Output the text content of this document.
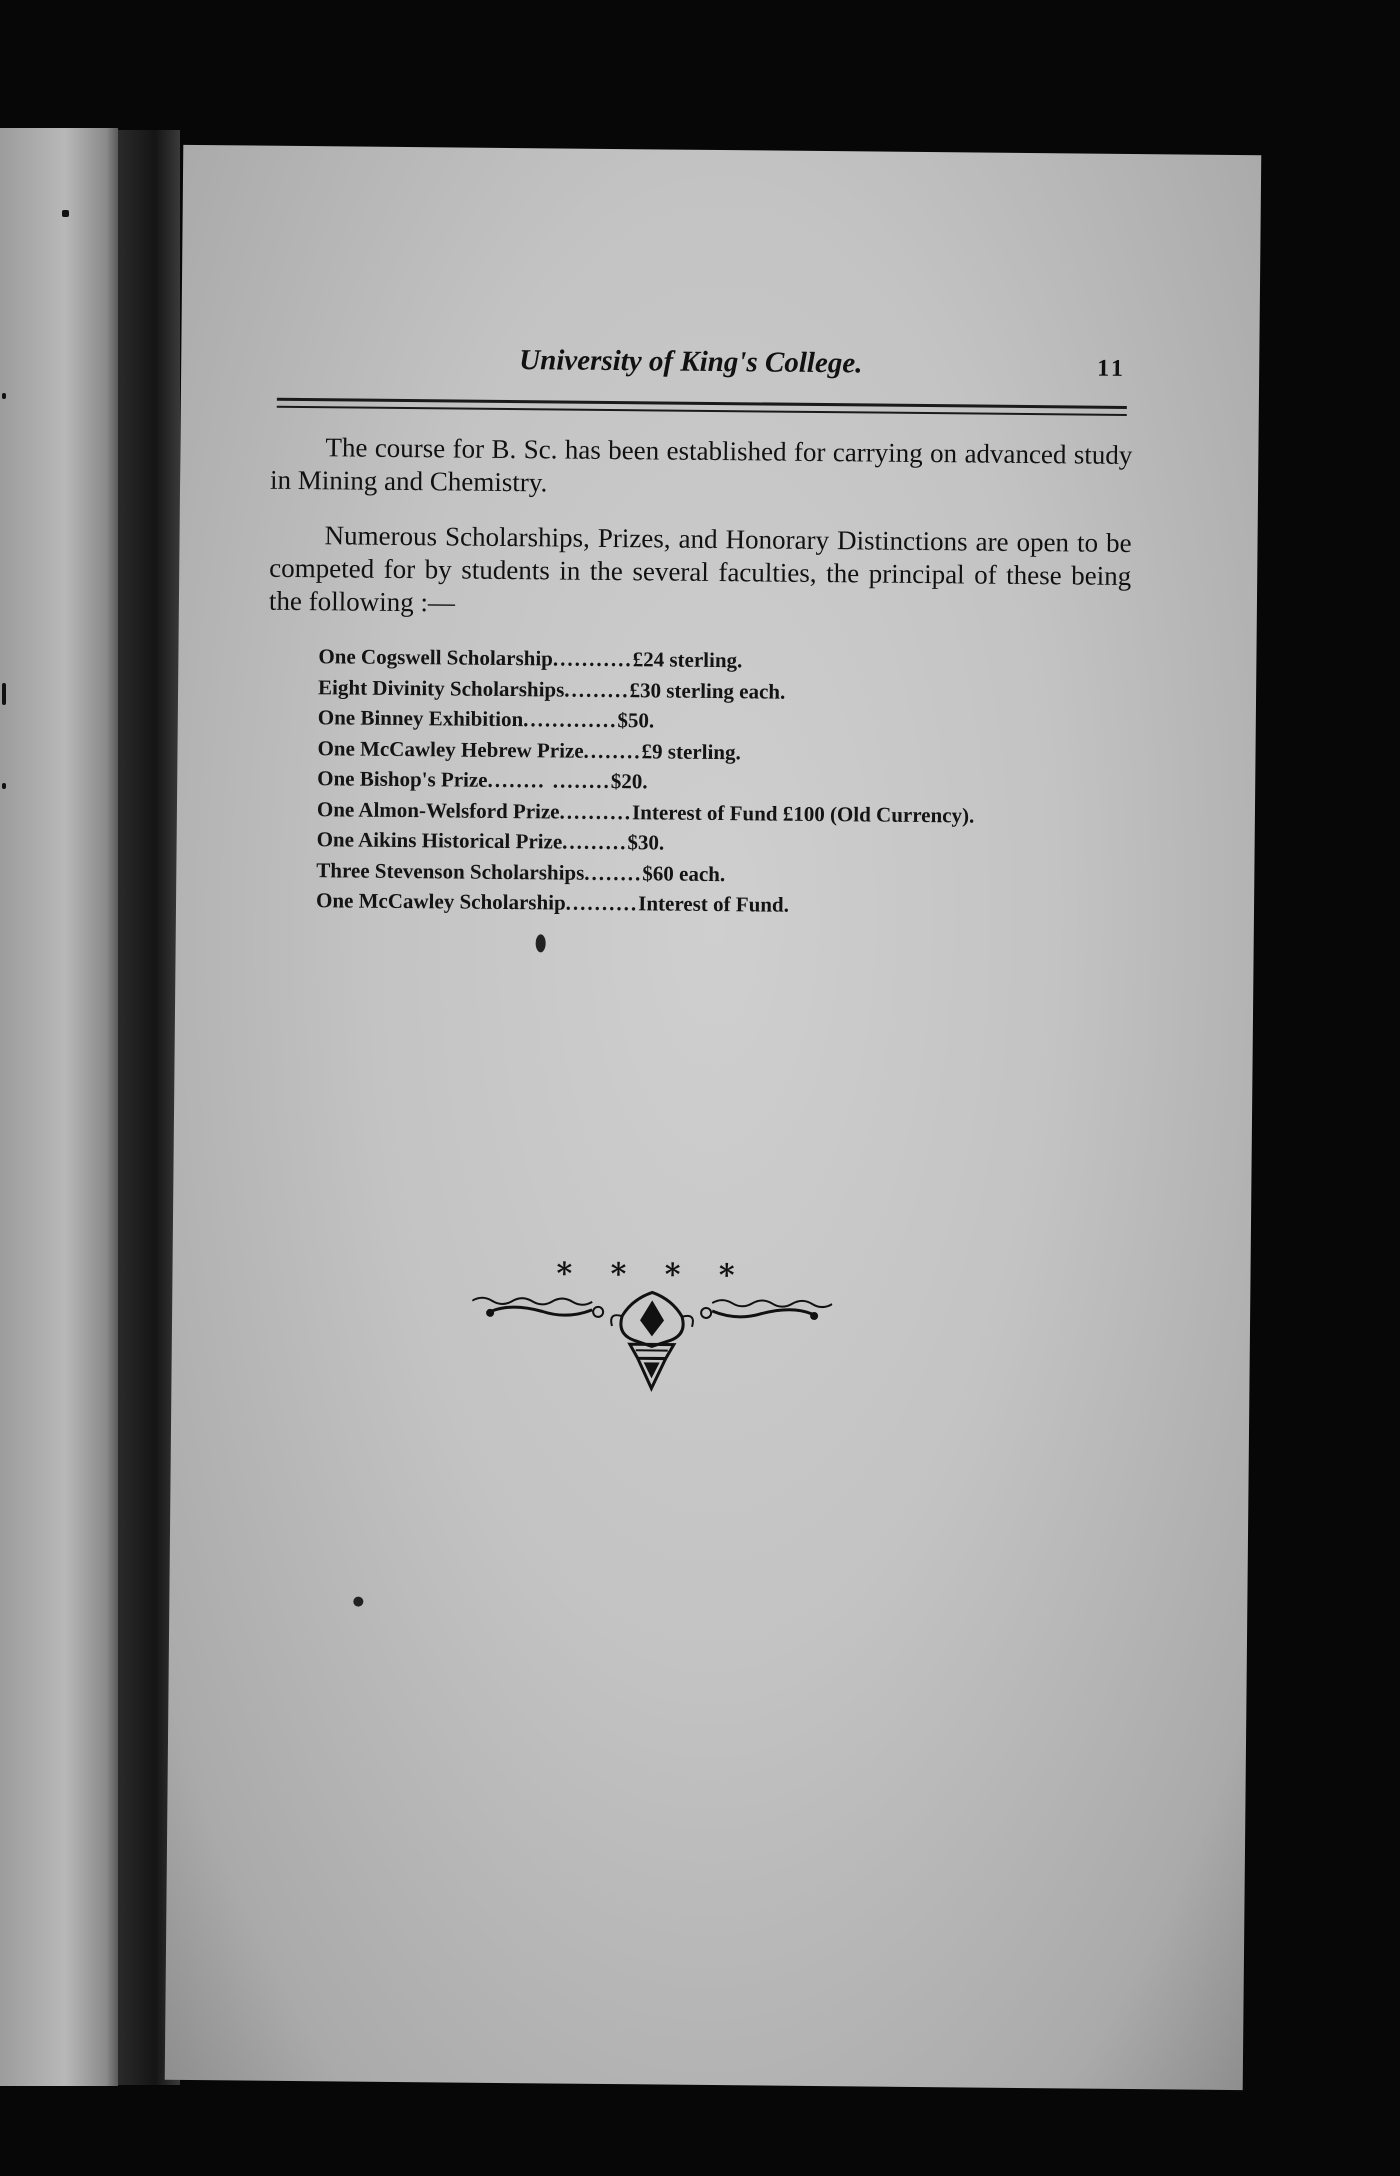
University of King's College.	11

The course for B. Sc. has been established for carrying on advanced study in Mining and Chemistry.

Numerous Scholarships, Prizes, and Honorary Distinctions are open to be competed for by students in the several faculties, the principal of these being the following :—

One Cogswell Scholarship ........... £24 sterling.
Eight Divinity Scholarships ......... £30 sterling each.
One Binney Exhibition ............. $50.
One McCawley Hebrew Prize ........ £9 sterling.
One Bishop's Prize ........ ........ $20.
One Almon-Welsford Prize .......... Interest of Fund £100 (Old Currency).
One Aikins Historical Prize ......... $30.
Three Stevenson Scholarships ........ $60 each.
One McCawley Scholarship .......... Interest of Fund.
* * * *
